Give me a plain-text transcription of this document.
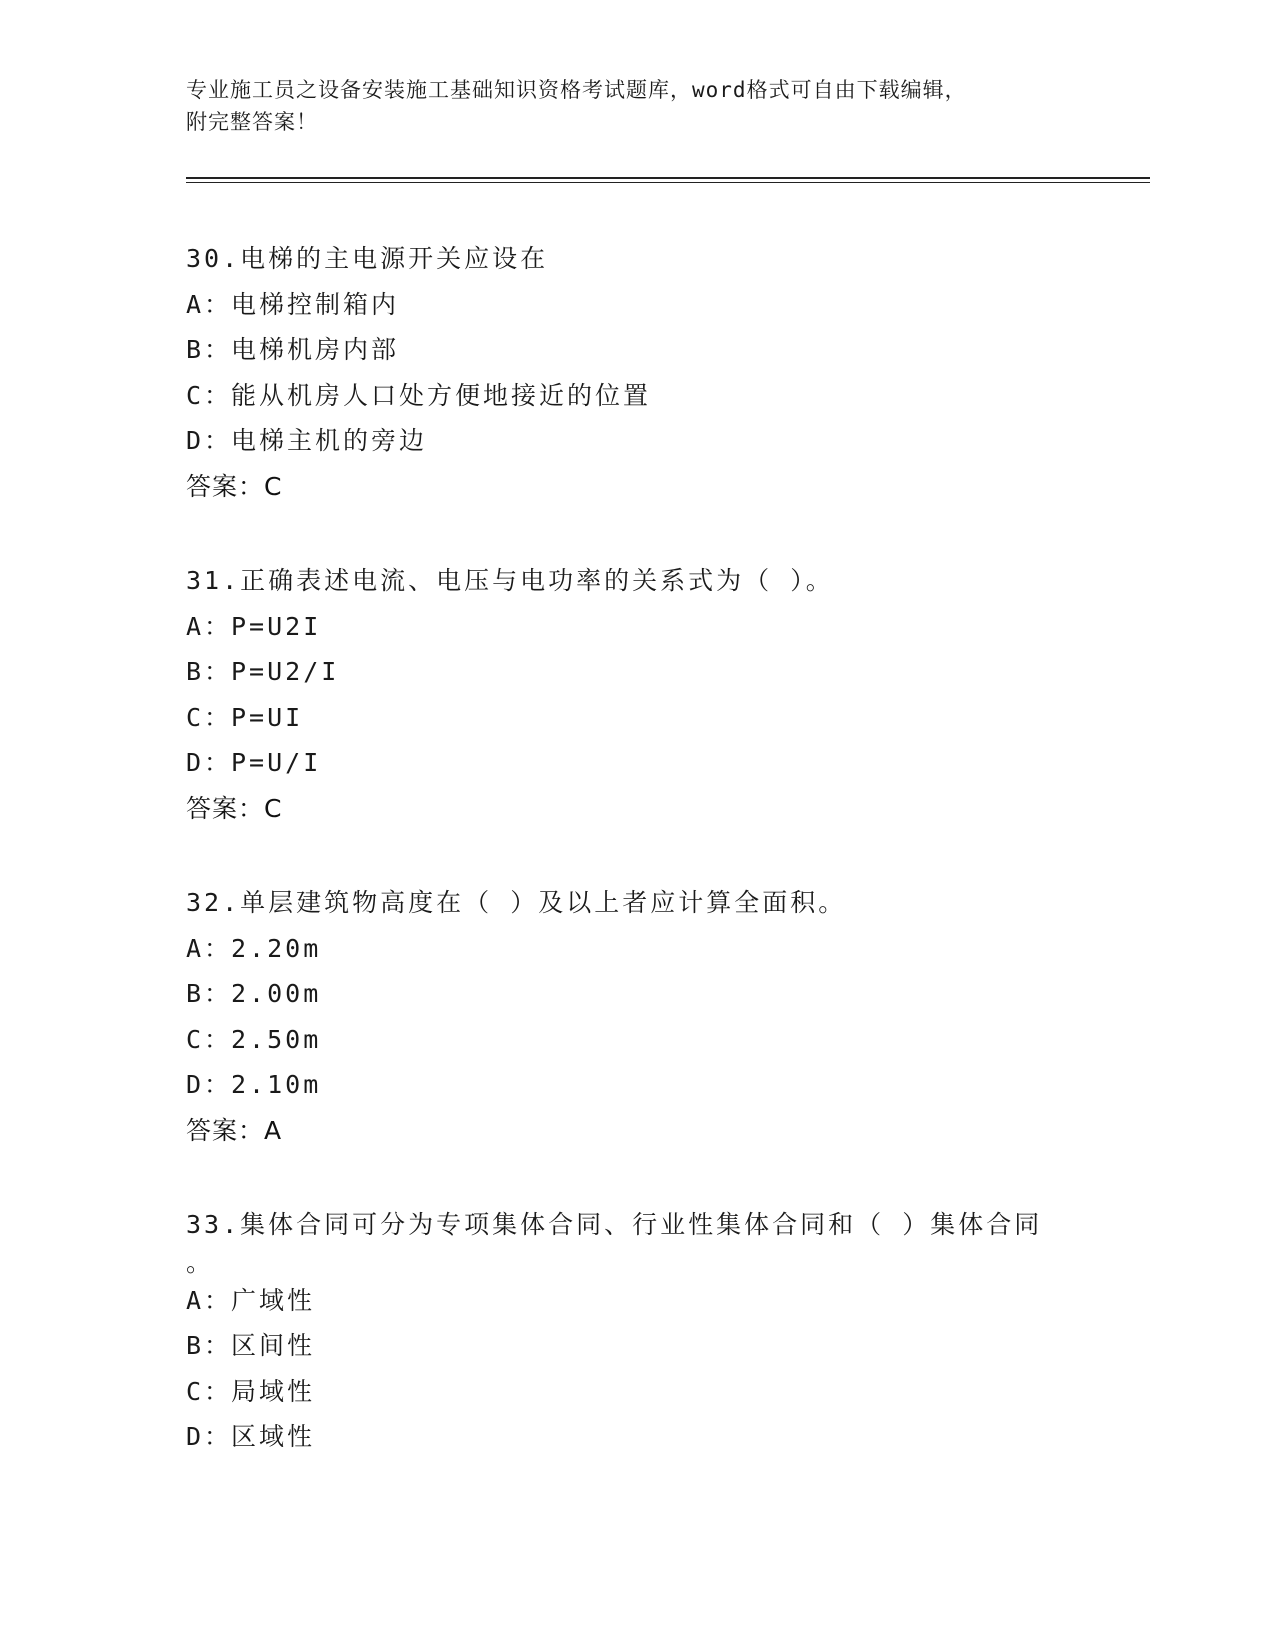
专业施工员之设备安装施工基础知识资格考试题库，word格式可自由下载编辑，
附完整答案！
30.电梯的主电源开关应设在
A：电梯控制箱内
B：电梯机房内部
C：能从机房人口处方便地接近的位置
D：电梯主机的旁边
答案：C
31.正确表述电流、电压与电功率的关系式为（ ）。
A：P=U2I
B：P=U2/I
C：P=UI
D：P=U/I
答案：C
32.单层建筑物高度在（ ）及以上者应计算全面积。
A：2.20m
B：2.00m
C：2.50m
D：2.10m
答案：A
33.集体合同可分为专项集体合同、行业性集体合同和（ ）集体合同
。
A：广域性
B：区间性
C：局域性
D：区域性
